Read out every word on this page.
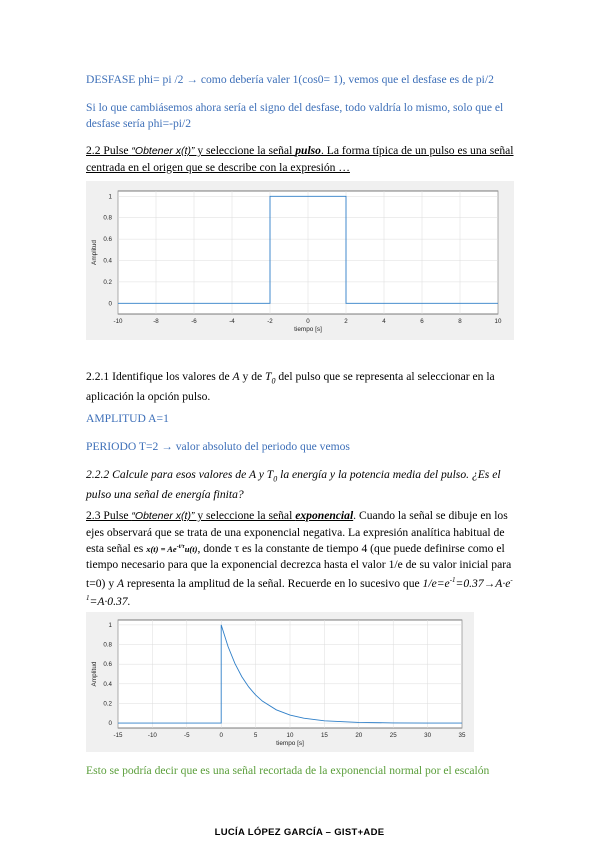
DESFASE phi= pi /2 → como debería valer 1(cos0= 1), vemos que el desfase es de pi/2

Si lo que cambiásemos ahora sería el signo del desfase, todo valdría lo mismo, solo que el desfase sería phi=-pi/2

2.2 Pulse “Obtener x(t)” y seleccione la señal pulso. La forma típica de un pulso es una señal centrada en el origen que se describe con la expresión …

-10	-8	-6	-4	-2	0	2	4	6	8	10
0
0.2
0.4
0.6
0.8
1
tiempo [s]
Amplitud

2.2.1 Identifique los valores de A y de $T_0$ del pulso que se representa al seleccionar en la aplicación la opción pulso.

AMPLITUD A=1

PERIODO T=2 → valor absoluto del periodo que vemos

2.2.2 Calcule para esos valores de A y $T_0$ la energía y la potencia media del pulso. ¿Es el pulso una señal de energía finita?

2.3 Pulse “Obtener x(t)” y seleccione la señal exponencial. Cuando la señal se dibuje en los ejes observará que se trata de una exponencial negativa. La expresión analítica habitual de esta señal es $x(t) = Ae^{-t/\tau}u(t)$, donde τ es la constante de tiempo 4 (que puede definirse como el tiempo necesario para que la exponencial decrezca hasta el valor 1/e de su valor inicial para t=0) y A representa la amplitud de la señal. Recuerde en lo sucesivo que $1/e=e^{-1}=0.37\to A\cdot e^{-1}=A\cdot 0.37$.

-15	-10	-5	0	5	10	15	20	25	30	35
0
0.2
0.4
0.6
0.8
1
tiempo [s]
Amplitud

Esto se podría decir que es una señal recortada de la exponencial normal por el escalón

LUCÍA LÓPEZ GARCÍA – GIST+ADE
